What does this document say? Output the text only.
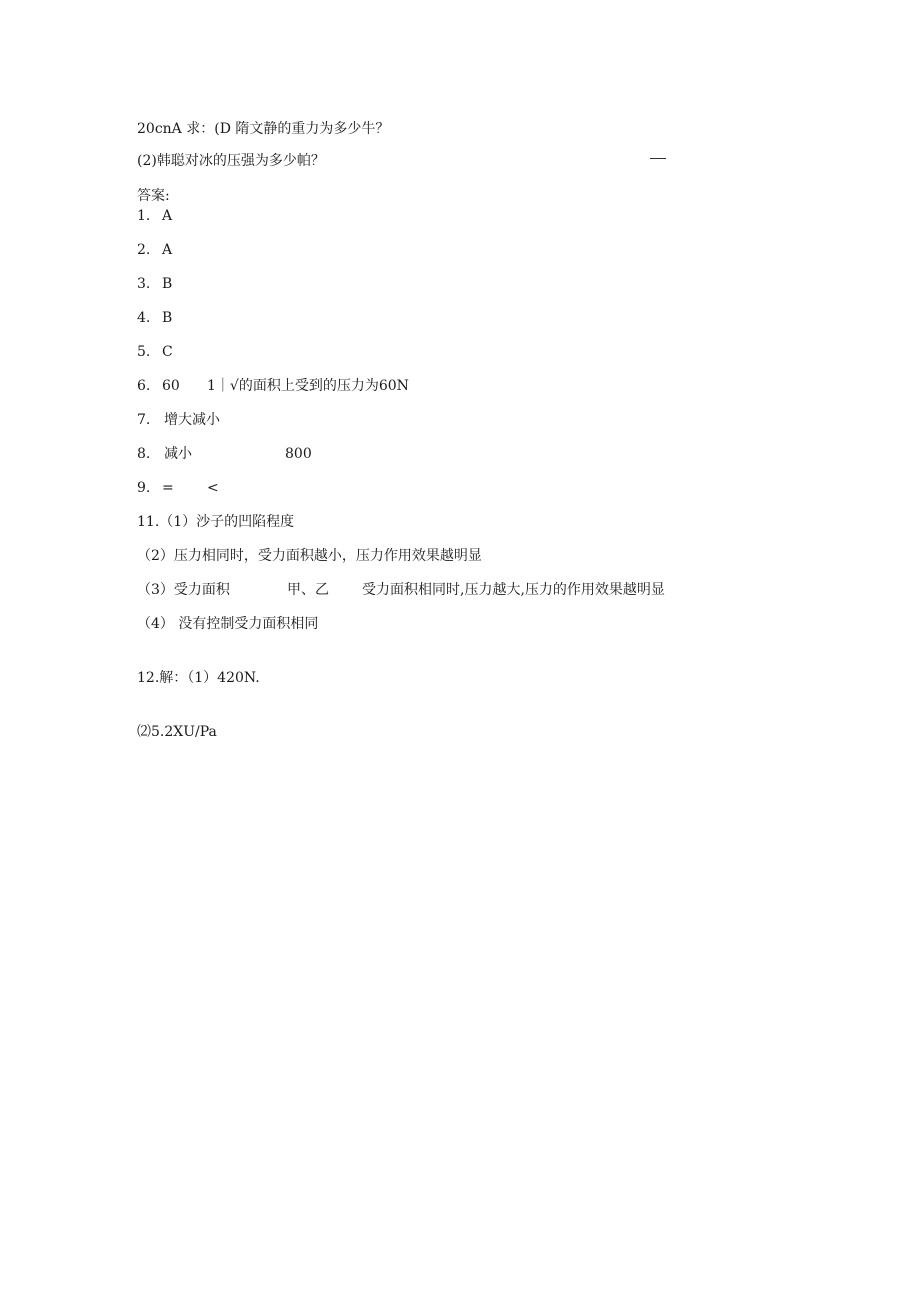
20cnA 求：(D 隋文静的重力为多少牛？
(2)韩聪对冰的压强为多少帕？
答案:

1.

A

2.

A

3.

B

4.

B

5.

C

6.

60

1｜√的面积上受到的压力为60N

7.

增大减小

8.

减小

	800

9.

=

<

11.（1）沙子的凹陷程度
（2）压力相同时，受力面积越小，压力作用效果越明显

（3）受力面积

	甲、乙

受力面积相同时,压力越大,压力的作用效果越明显

（4） 没有控制受力面积相同
12.解：（1）420N.
⑵5.2XU/Pa
